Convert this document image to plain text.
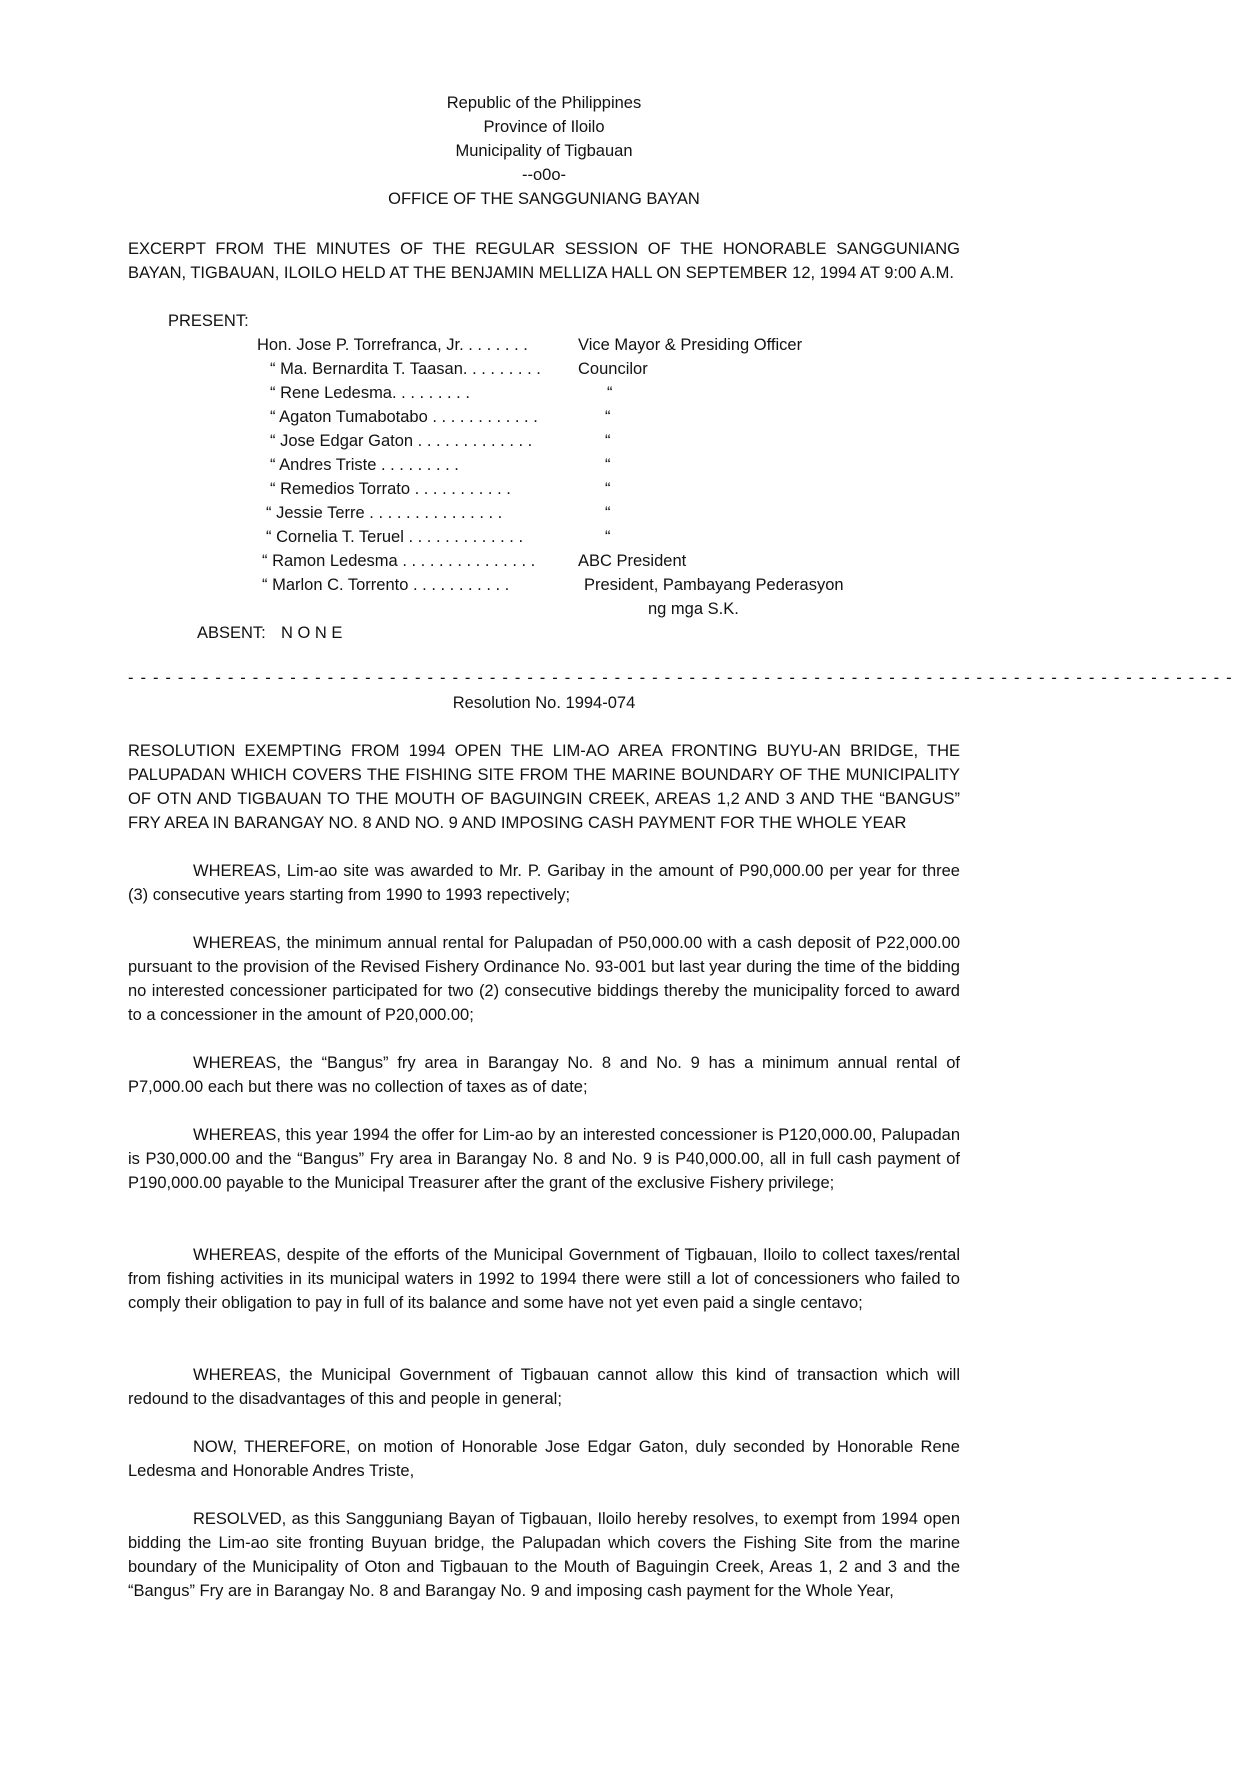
Republic of the Philippines
Province of Iloilo
Municipality of Tigbauan
--o0o-
OFFICE OF THE SANGGUNIANG BAYAN
EXCERPT FROM THE MINUTES OF THE REGULAR SESSION OF THE HONORABLE SANGGUNIANG BAYAN, TIGBAUAN, ILOILO HELD AT THE BENJAMIN MELLIZA HALL ON SEPTEMBER 12, 1994 AT 9:00 A.M.
PRESENT:
Hon. Jose P. Torrefranca, Jr. . . . . . . .	Vice Mayor & Presiding Officer
“ Ma. Bernardita T. Taasan. . . . . . . . . Councilor
“ Rene Ledesma. . . . . . . . .	“
“ Agaton Tumabotabo . . . . . . . . . . . .	“
“ Jose Edgar Gaton . . . . . . . . . . . . .	“
“ Andres Triste . . . . . . . . .	“
“ Remedios Torrato . . . . . . . . . . .	“
“ Jessie Terre . . . . . . . . . . . . . . .	“
“ Cornelia T. Teruel . . . . . . . . . . . . .	“
“ Ramon Ledesma . . . . . . . . . . . . . . .	ABC President
“ Marlon C. Torrento . . . . . . . . . . .	President, Pambayang Pederasyon
ng mga S.K.
ABSENT: N O N E
- - - - - - - - - - - - - - - - - - - - - - - - - - - - - - - - - - - - - - - - - - - - - - - - - - - - - - - - - - - - - - - - - - - - - - - - - - - - - - - - - - - - - - - - -
Resolution No. 1994-074
RESOLUTION EXEMPTING FROM 1994 OPEN THE LIM-AO AREA FRONTING BUYU-AN BRIDGE, THE PALUPADAN WHICH COVERS THE FISHING SITE FROM THE MARINE BOUNDARY OF THE MUNICIPALITY OF OTN AND TIGBAUAN TO THE MOUTH OF BAGUINGIN CREEK, AREAS 1,2 AND 3 AND THE “BANGUS” FRY AREA IN BARANGAY NO. 8 AND NO. 9 AND IMPOSING CASH PAYMENT FOR THE WHOLE YEAR
WHEREAS, Lim-ao site was awarded to Mr. P. Garibay in the amount of P90,000.00 per year for three (3) consecutive years starting from 1990 to 1993 repectively;
WHEREAS, the minimum annual rental for Palupadan of P50,000.00 with a cash deposit of P22,000.00 pursuant to the provision of the Revised Fishery Ordinance No. 93-001 but last year during the time of the bidding no interested concessioner participated for two (2) consecutive biddings thereby the municipality forced to award to a concessioner in the amount of P20,000.00;
WHEREAS, the “Bangus” fry area in Barangay No. 8 and No. 9 has a minimum annual rental of P7,000.00 each but there was no collection of taxes as of date;
WHEREAS, this year 1994 the offer for Lim-ao by an interested concessioner is P120,000.00, Palupadan is P30,000.00 and the “Bangus” Fry area in Barangay No. 8 and No. 9 is P40,000.00, all in full cash payment of P190,000.00 payable to the Municipal Treasurer after the grant of the exclusive Fishery privilege;
WHEREAS, despite of the efforts of the Municipal Government of Tigbauan, Iloilo to collect taxes/rental from fishing activities in its municipal waters in 1992 to 1994 there were still a lot of concessioners who failed to comply their obligation to pay in full of its balance and some have not yet even paid a single centavo;
WHEREAS, the Municipal Government of Tigbauan cannot allow this kind of transaction which will redound to the disadvantages of this and people in general;
NOW, THEREFORE, on motion of Honorable Jose Edgar Gaton, duly seconded by Honorable Rene Ledesma and Honorable Andres Triste,
RESOLVED, as this Sangguniang Bayan of Tigbauan, Iloilo hereby resolves, to exempt from 1994 open bidding the Lim-ao site fronting Buyuan bridge, the Palupadan which covers the Fishing Site from the marine boundary of the Municipality of Oton and Tigbauan to the Mouth of Baguingin Creek, Areas 1, 2 and 3 and the “Bangus” Fry are in Barangay No. 8 and Barangay No. 9 and imposing cash payment for the Whole Year,
